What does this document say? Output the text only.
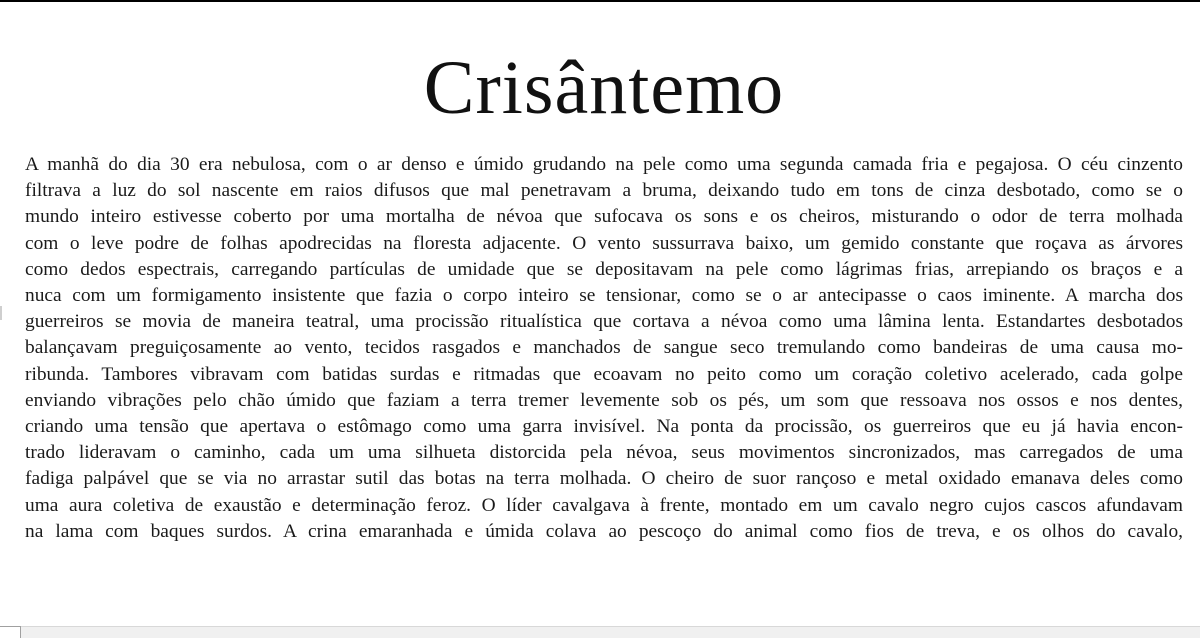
Crisântemo

A manhã do dia 30 era nebulosa, com o ar denso e úmido grudando na pele como uma segunda camada fria e pegajosa. O céu cinzento
filtrava a luz do sol nascente em raios difusos que mal penetravam a bruma, deixando tudo em tons de cinza desbotado, como se o
mundo inteiro estivesse coberto por uma mortalha de névoa que sufocava os sons e os cheiros, misturando o odor de terra molhada
com o leve podre de folhas apodrecidas na floresta adjacente. O vento sussurrava baixo, um gemido constante que roçava as árvores
como dedos espectrais, carregando partículas de umidade que se depositavam na pele como lágrimas frias, arrepiando os braços e a
nuca com um formigamento insistente que fazia o corpo inteiro se tensionar, como se o ar antecipasse o caos iminente. A marcha dos
guerreiros se movia de maneira teatral, uma procissão ritualística que cortava a névoa como uma lâmina lenta. Estandartes desbotados
balançavam preguiçosamente ao vento, tecidos rasgados e manchados de sangue seco tremulando como bandeiras de uma causa mo-
ribunda. Tambores vibravam com batidas surdas e ritmadas que ecoavam no peito como um coração coletivo acelerado, cada golpe
enviando vibrações pelo chão úmido que faziam a terra tremer levemente sob os pés, um som que ressoava nos ossos e nos dentes,
criando uma tensão que apertava o estômago como uma garra invisível. Na ponta da procissão, os guerreiros que eu já havia encon-
trado lideravam o caminho, cada um uma silhueta distorcida pela névoa, seus movimentos sincronizados, mas carregados de uma
fadiga palpável que se via no arrastar sutil das botas na terra molhada. O cheiro de suor rançoso e metal oxidado emanava deles como
uma aura coletiva de exaustão e determinação feroz. O líder cavalgava à frente, montado em um cavalo negro cujos cascos afundavam
na lama com baques surdos. A crina emaranhada e úmida colava ao pescoço do animal como fios de treva, e os olhos do cavalo,
